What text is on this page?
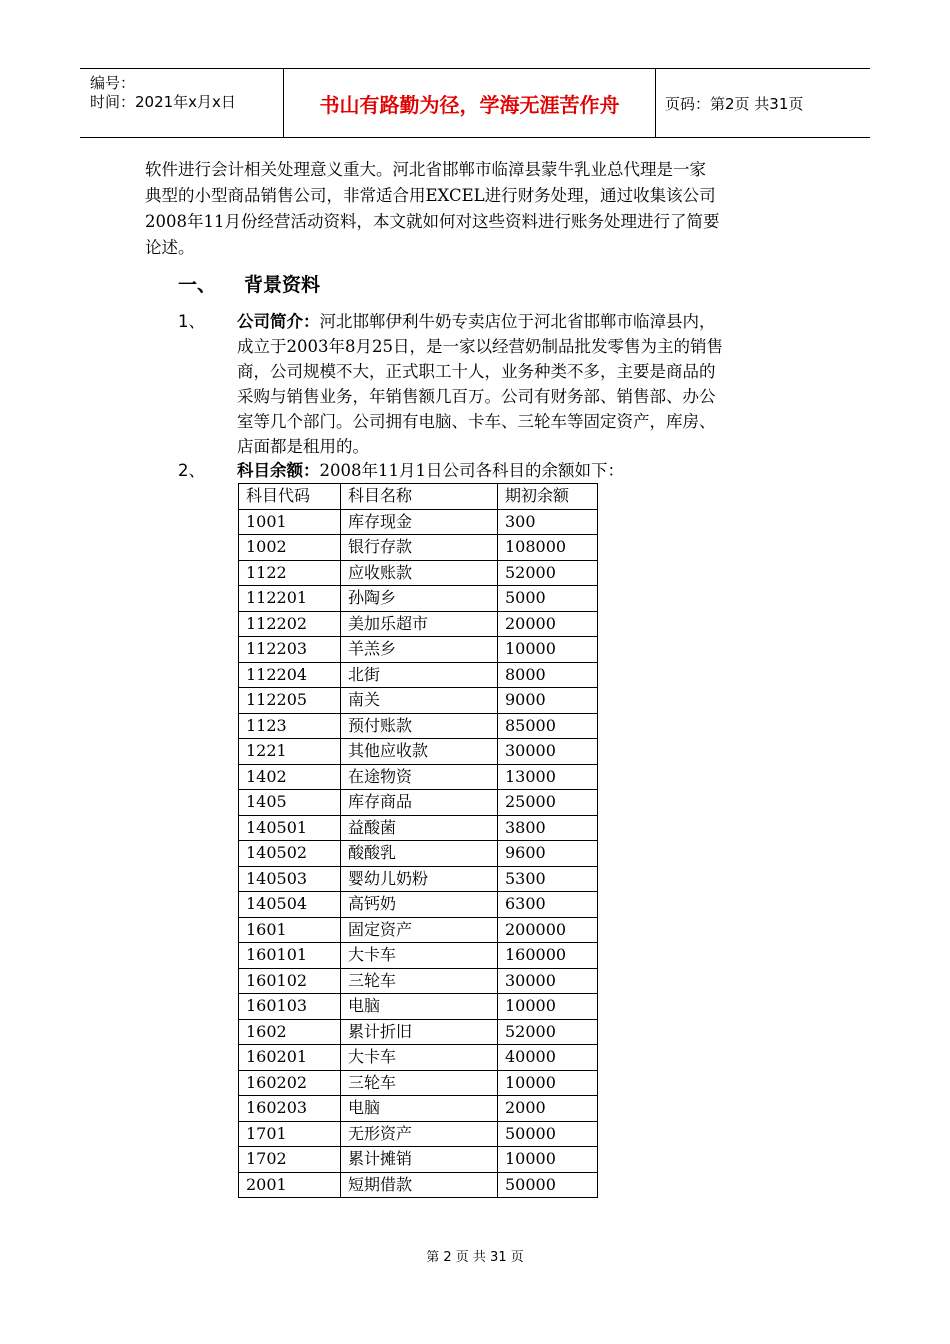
编号：
时间：2021年x月x日	书山有路勤为径，学海无涯苦作舟	页码：第2页 共31页

软件进行会计相关处理意义重大。河北省邯郸市临漳县蒙牛乳业总代理是一家

典型的小型商品销售公司，非常适合用EXCEL进行财务处理，通过收集该公司

2008年11月份经营活动资料，本文就如何对这些资料进行账务处理进行了简要

论述。

一、 背景资料
1、 公司简介：河北邯郸伊利牛奶专卖店位于河北省邯郸市临漳县内，
成立于2003年8月25日，是一家以经营奶制品批发零售为主的销售
商，公司规模不大，正式职工十人，业务种类不多，主要是商品的
采购与销售业务，年销售额几百万。公司有财务部、销售部、办公
室等几个部门。公司拥有电脑、卡车、三轮车等固定资产，库房、
店面都是租用的。
2、 科目余额：2008年11月1日公司各科目的余额如下：
科目代码	科目名称	期初余额
1001	库存现金	300
1002	银行存款	108000
1122	应收账款	52000
112201	孙陶乡	5000
112202	美加乐超市	20000
112203	羊羔乡	10000
112204	北街	8000
112205	南关	9000
1123	预付账款	85000
1221	其他应收款	30000
1402	在途物资	13000
1405	库存商品	25000
140501	益酸菌	3800
140502	酸酸乳	9600
140503	婴幼儿奶粉	5300
140504	高钙奶	6300
1601	固定资产	200000
160101	大卡车	160000
160102	三轮车	30000
160103	电脑	10000
1602	累计折旧	52000
160201	大卡车	40000
160202	三轮车	10000
160203	电脑	2000
1701	无形资产	50000
1702	累计摊销	10000
2001	短期借款	50000
第 2 页 共 31 页
